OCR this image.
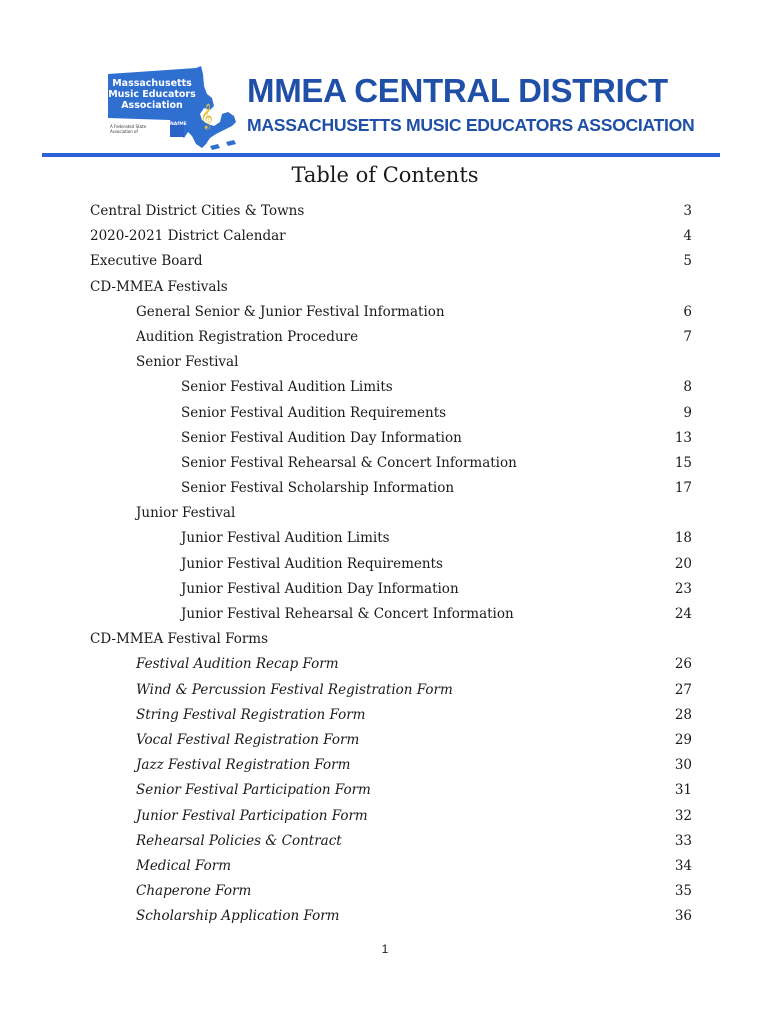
Massachusetts
Music Educators
Association
A Federated State Association of
NAfME 𝄞
MMEA CENTRAL DISTRICT
MASSACHUSETTS MUSIC EDUCATORS ASSOCIATION
Table of Contents
Central District Cities & Towns	3
2020-2021 District Calendar	4
Executive Board	5
CD-MMEA Festivals
General Senior & Junior Festival Information	6
Audition Registration Procedure	7
Senior Festival
Senior Festival Audition Limits	8
Senior Festival Audition Requirements	9
Senior Festival Audition Day Information	13
Senior Festival Rehearsal & Concert Information	15
Senior Festival Scholarship Information	17
Junior Festival
Junior Festival Audition Limits	18
Junior Festival Audition Requirements	20
Junior Festival Audition Day Information	23
Junior Festival Rehearsal & Concert Information	24
CD-MMEA Festival Forms
Festival Audition Recap Form	26
Wind & Percussion Festival Registration Form	27
String Festival Registration Form	28
Vocal Festival Registration Form	29
Jazz Festival Registration Form	30
Senior Festival Participation Form	31
Junior Festival Participation Form	32
Rehearsal Policies & Contract	33
Medical Form	34
Chaperone Form	35
Scholarship Application Form	36
1
